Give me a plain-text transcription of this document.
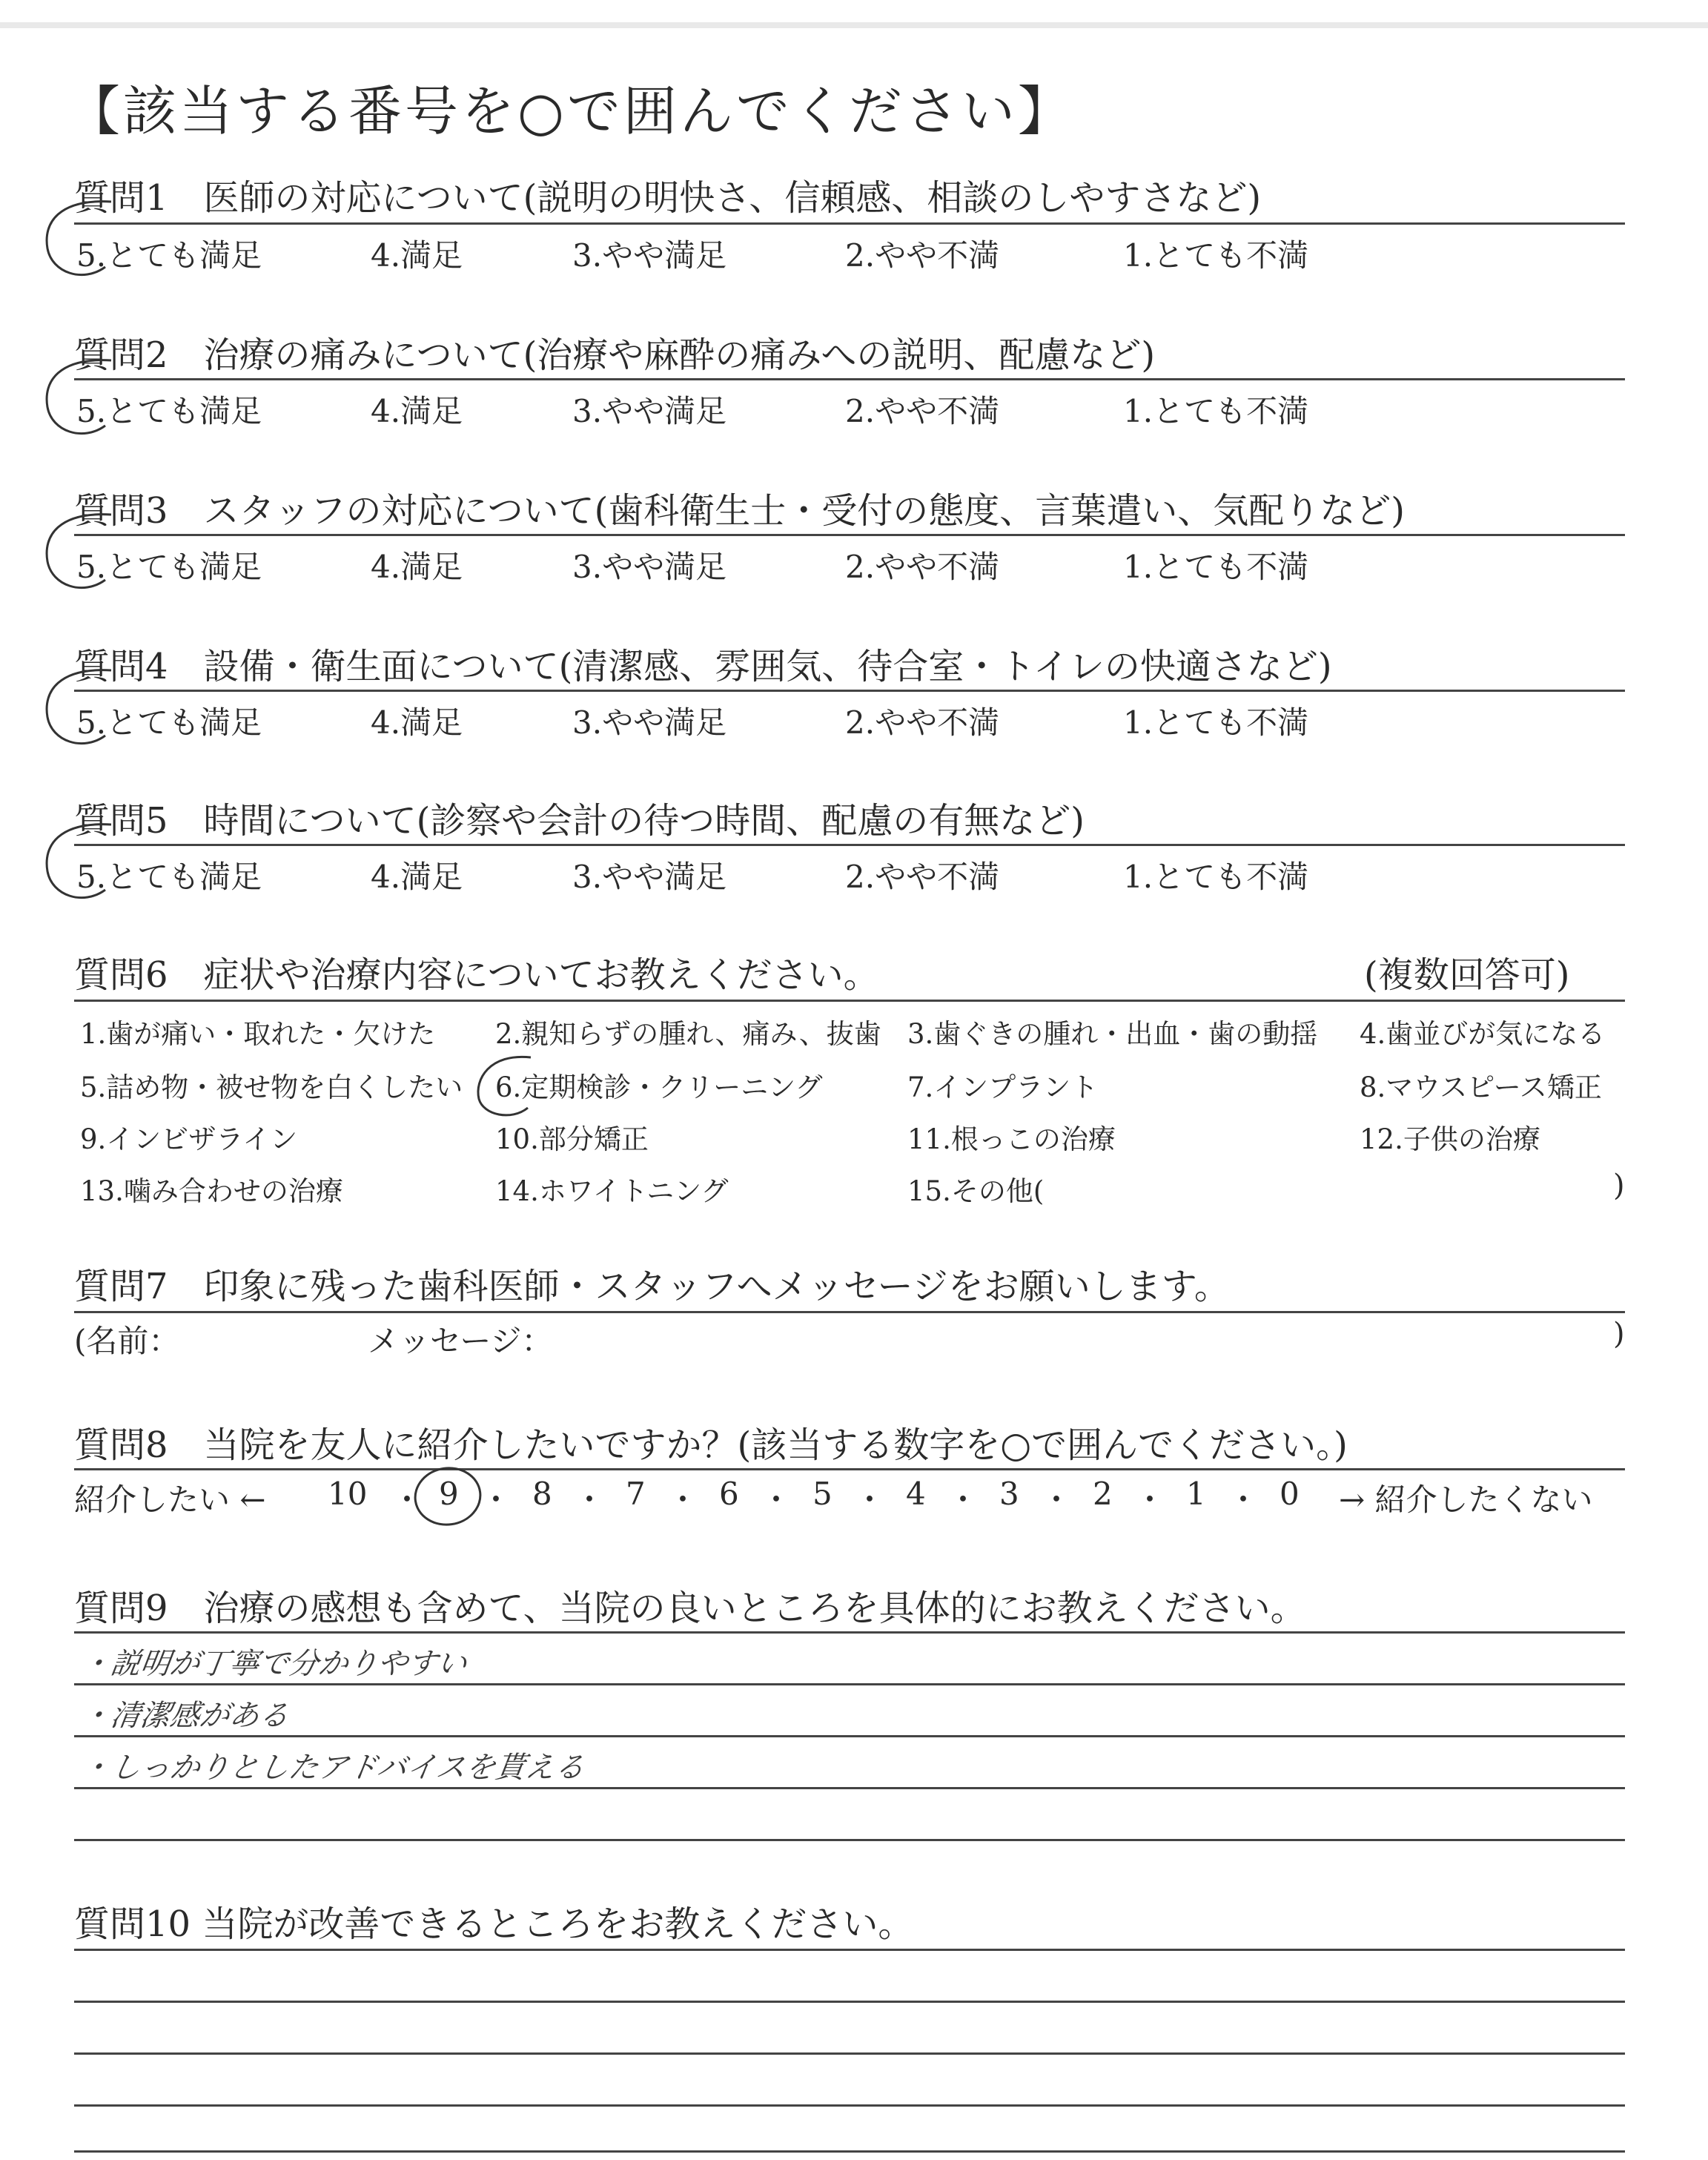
【該当する番号を○で囲んでください】
質問1　医師の対応について(説明の明快さ、信頼感、相談のしやすさなど)
5.とても満足	4.満足	3.やや満足	2.やや不満	1.とても不満
質問2　治療の痛みについて(治療や麻酔の痛みへの説明、配慮など)
5.とても満足	4.満足	3.やや満足	2.やや不満	1.とても不満
質問3　スタッフの対応について(歯科衛生士・受付の態度、言葉遣い、気配りなど)
5.とても満足	4.満足	3.やや満足	2.やや不満	1.とても不満
質問4　設備・衛生面について(清潔感、雰囲気、待合室・トイレの快適さなど)
5.とても満足	4.満足	3.やや満足	2.やや不満	1.とても不満
質問5　時間について(診察や会計の待つ時間、配慮の有無など)
5.とても満足	4.満足	3.やや満足	2.やや不満	1.とても不満
質問6　症状や治療内容についてお教えください。	(複数回答可)
1.歯が痛い・取れた・欠けた 2.親知らずの腫れ、痛み、抜歯 3.歯ぐきの腫れ・出血・歯の動揺 4.歯並びが気になる
5.詰め物・被せ物を白くしたい 6.定期検診・クリーニング	7.インプラント	8.マウスピース矯正
9.インビザライン	10.部分矯正	11.根っこの治療	12.子供の治療
13.噛み合わせの治療	14.ホワイトニング	15.その他(	)
質問7　印象に残った歯科医師・スタッフへメッセージをお願いします。
(名前：	メッセージ：	)
質問8　当院を友人に紹介したいですか？(該当する数字を○で囲んでください。)
紹介したい ← 10 ・ 9 ・ 8 ・ 7 ・ 6 ・ 5 ・ 4 ・ 3 ・ 2 ・ 1 ・ 0 → 紹介したくない
質問9　治療の感想も含めて、当院の良いところを具体的にお教えください。
・説明が丁寧で分かりやすい
・清潔感がある
・しっかりとしたアドバイスを貰える
質問10 当院が改善できるところをお教えください。
